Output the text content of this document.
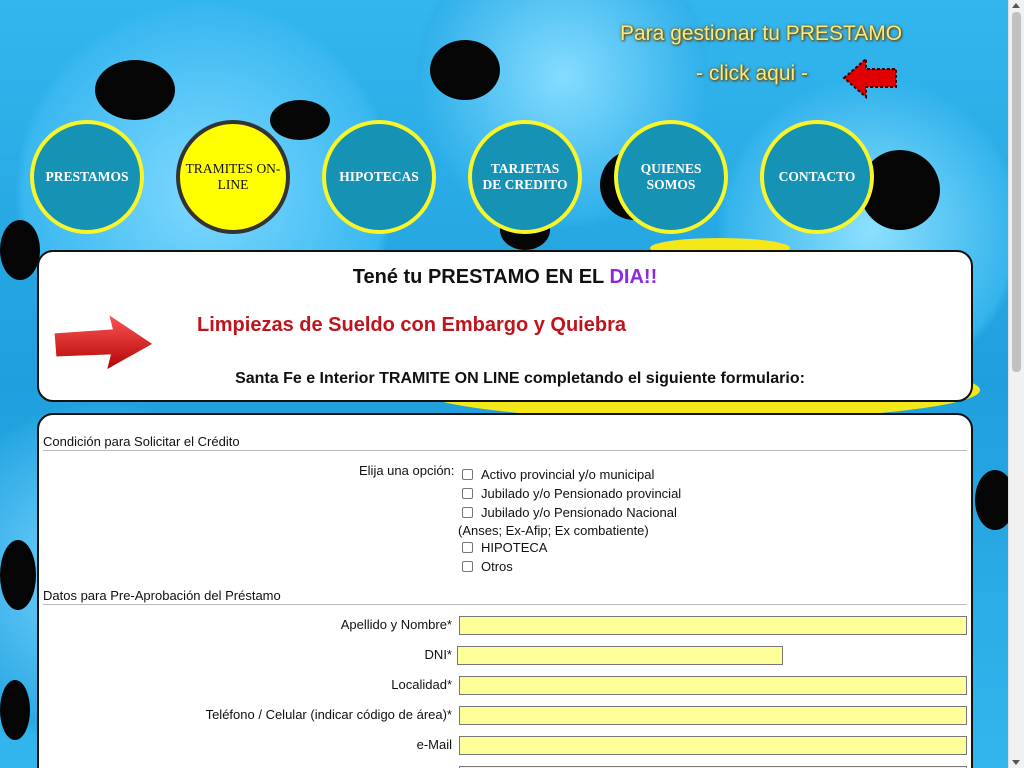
Para gestionar tu PRESTAMO
- click aqui -
PRESTAMOS
TRAMITES ON-LINE
HIPOTECAS
TARJETAS DE CREDITO
QUIENES SOMOS
CONTACTO
Tené tu PRESTAMO EN EL DIA!!
Limpiezas de Sueldo con Embargo y Quiebra
Santa Fe e Interior TRAMITE ON LINE completando el siguiente formulario:
Condición para Solicitar el Crédito
Elija una opción: Activo provincial y/o municipal
Jubilado y/o Pensionado provincial
Jubilado y/o Pensionado Nacional
(Anses; Ex-Afip; Ex combatiente)
HIPOTECA
Otros
Datos para Pre-Aprobación del Préstamo
Apellido y Nombre*
DNI*
Localidad*
Teléfono / Celular (indicar código de área)*
e-Mail
